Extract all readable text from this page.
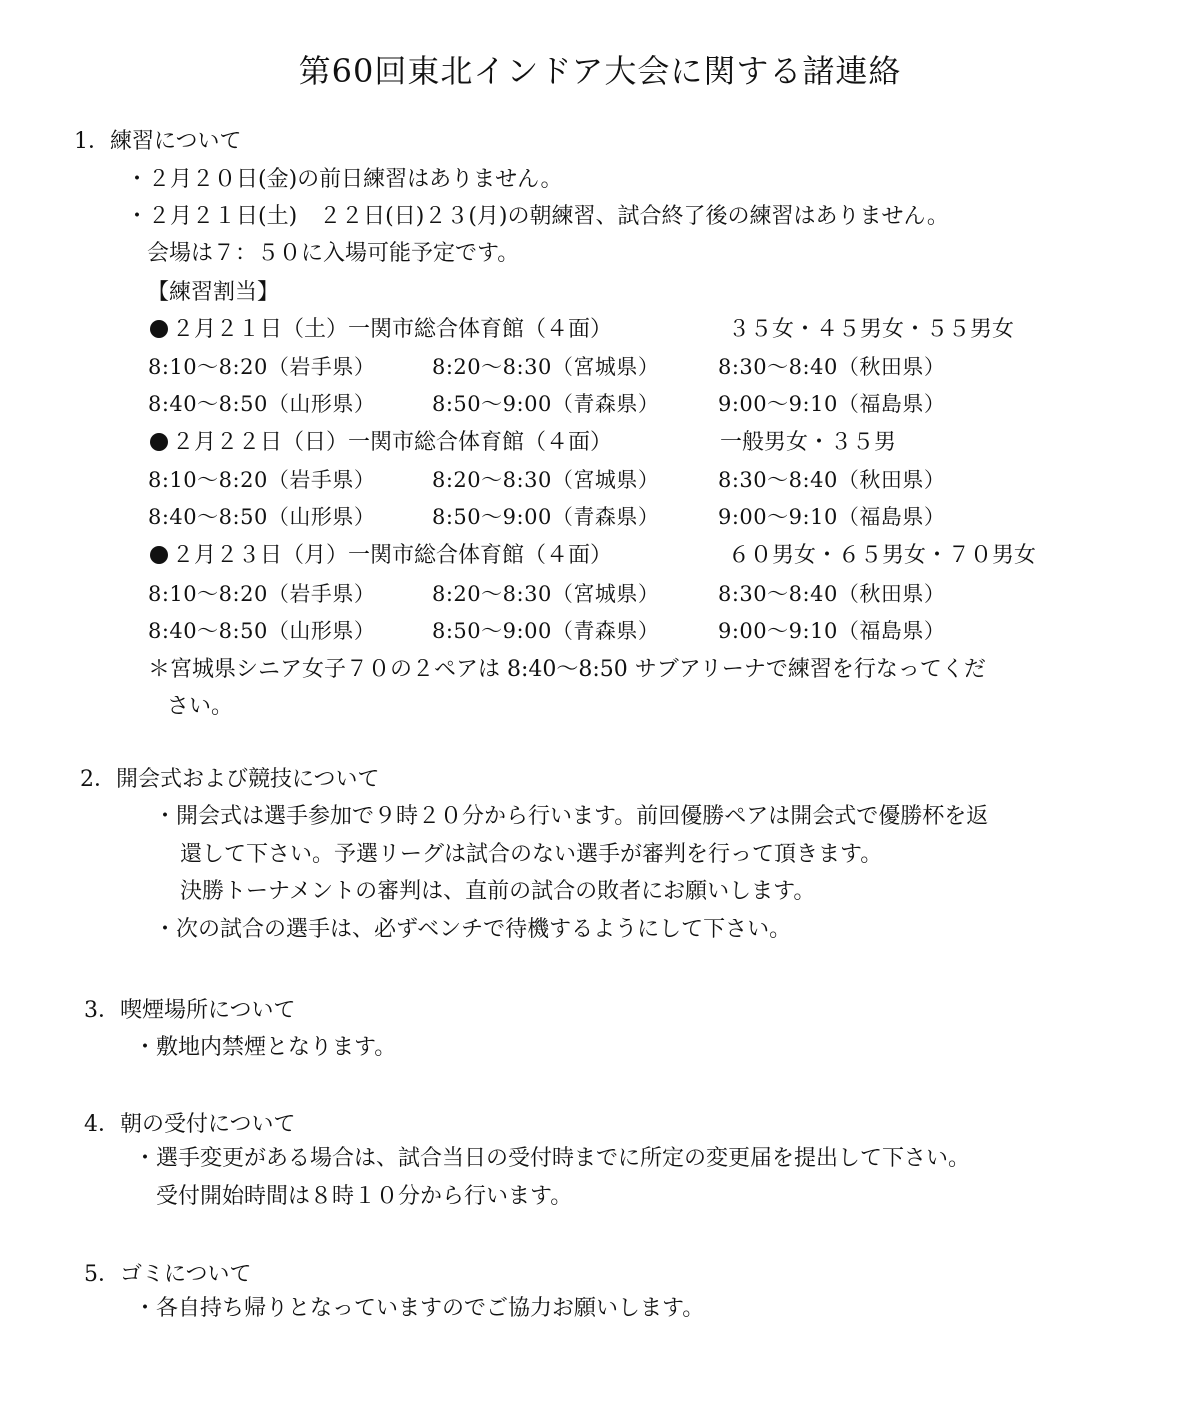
第60回東北インドア大会に関する諸連絡
1．練習について
・２月２０日(金)の前日練習はありません。
・２月２１日(土)　２２日(日)２３(月)の朝練習、試合終了後の練習はありません。
会場は７：５０に入場可能予定です。
【練習割当】
２月２１日（土）一関市総合体育館（４面）	３５女・４５男女・５５男女
8:10〜8:20（岩手県）	8:20〜8:30（宮城県）	8:30〜8:40（秋田県）
8:40〜8:50（山形県）	8:50〜9:00（青森県）	9:00〜9:10（福島県）
２月２２日（日）一関市総合体育館（４面）	一般男女・３５男
8:10〜8:20（岩手県）	8:20〜8:30（宮城県）	8:30〜8:40（秋田県）
8:40〜8:50（山形県）	8:50〜9:00（青森県）	9:00〜9:10（福島県）
２月２３日（月）一関市総合体育館（４面）	６０男女・６５男女・７０男女
8:10〜8:20（岩手県）	8:20〜8:30（宮城県）	8:30〜8:40（秋田県）
8:40〜8:50（山形県）	8:50〜9:00（青森県）	9:00〜9:10（福島県）
＊宮城県シニア女子７０の２ペアは 8:40〜8:50 サブアリーナで練習を行なってくだ
さい。
2．開会式および競技について
・開会式は選手参加で９時２０分から行います。前回優勝ペアは開会式で優勝杯を返
還して下さい。予選リーグは試合のない選手が審判を行って頂きます。
決勝トーナメントの審判は、直前の試合の敗者にお願いします。
・次の試合の選手は、必ずベンチで待機するようにして下さい。
3．喫煙場所について
・敷地内禁煙となります。
4．朝の受付について
・選手変更がある場合は、試合当日の受付時までに所定の変更届を提出して下さい。
受付開始時間は８時１０分から行います。
5．ゴミについて
・各自持ち帰りとなっていますのでご協力お願いします。
